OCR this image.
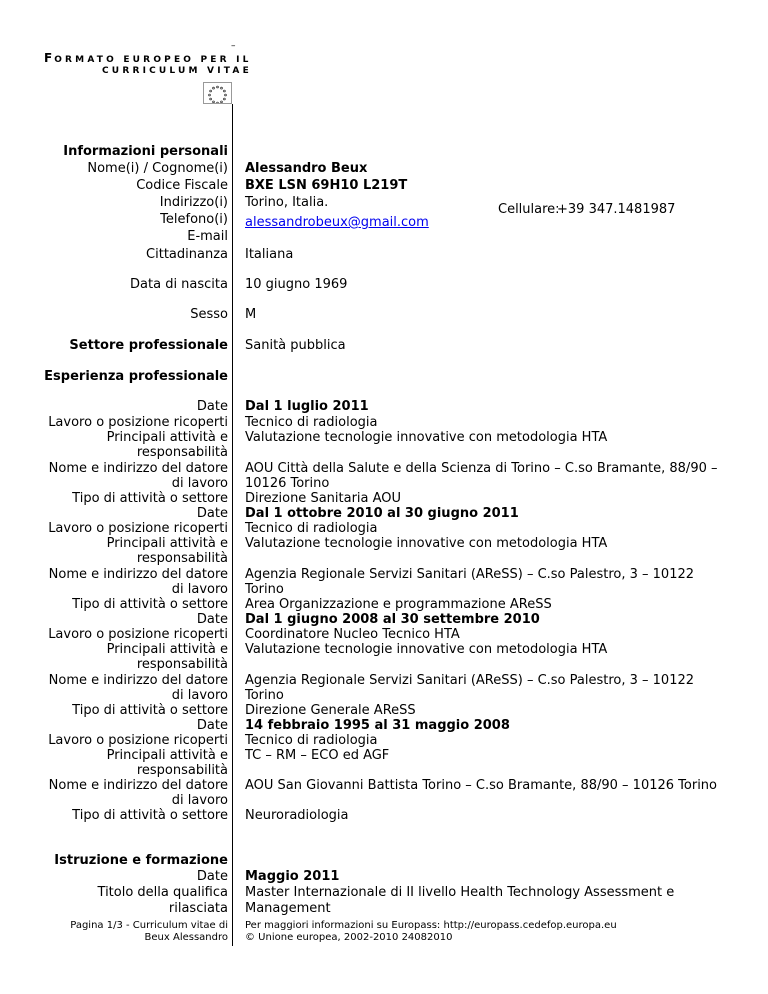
FORMATO EUROPEO PER IL
CURRICULUM VITAE
–
Informazioni personali
Nome(i) / Cognome(i) Alessandro Beux
Codice Fiscale BXE LSN 69H10 L219T
Indirizzo(i) Torino, Italia.
Telefono(i)
Cellulare:
+39 347.1481987
E-mail
alessandrobeux@gmail.com
Cittadinanza Italiana
Data di nascita 10 giugno 1969
Sesso M
Settore professionale Sanità pubblica
Esperienza professionale
Date Dal 1 luglio 2011
Lavoro o posizione ricoperti Tecnico di radiologia
Principali attività e Valutazione tecnologie innovative con metodologia HTA
responsabilità
Nome e indirizzo del datore AOU Città della Salute e della Scienza di Torino – C.so Bramante, 88/90 –
di lavoro 10126 Torino
Tipo di attività o settore Direzione Sanitaria AOU
Date Dal 1 ottobre 2010 al 30 giugno 2011
Lavoro o posizione ricoperti Tecnico di radiologia
Principali attività e Valutazione tecnologie innovative con metodologia HTA
responsabilità
Nome e indirizzo del datore Agenzia Regionale Servizi Sanitari (AReSS) – C.so Palestro, 3 – 10122
di lavoro Torino
Tipo di attività o settore Area Organizzazione e programmazione AReSS
Date Dal 1 giugno 2008 al 30 settembre 2010
Lavoro o posizione ricoperti Coordinatore Nucleo Tecnico HTA
Principali attività e Valutazione tecnologie innovative con metodologia HTA
responsabilità
Nome e indirizzo del datore Agenzia Regionale Servizi Sanitari (AReSS) – C.so Palestro, 3 – 10122
di lavoro Torino
Tipo di attività o settore Direzione Generale AReSS
Date 14 febbraio 1995 al 31 maggio 2008
Lavoro o posizione ricoperti Tecnico di radiologia
Principali attività e TC – RM – ECO ed AGF
responsabilità
Nome e indirizzo del datore AOU San Giovanni Battista Torino – C.so Bramante, 88/90 – 10126 Torino
di lavoro
Tipo di attività o settore Neuroradiologia
Istruzione e formazione
Date Maggio 2011
Titolo della qualifica Master Internazionale di II livello Health Technology Assessment e
rilasciata Management
Pagina 1/3 - Curriculum vitae di
Beux Alessandro
Per maggiori informazioni su Europass: http://europass.cedefop.europa.eu
© Unione europea, 2002-2010 24082010
